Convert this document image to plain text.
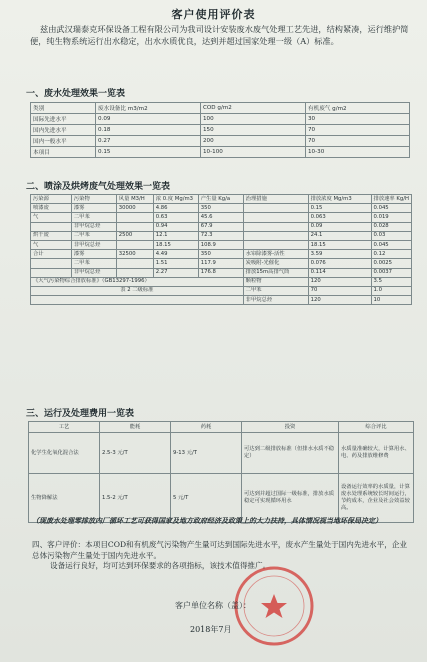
客户使用评价表
兹由武汉瑞泰克环保设备工程有限公司为我司设计安装废水废气处理工艺先进，结构紧凑，运行维护简便，纯生物系统运行出水稳定，出水水质优良，达到并超过国家处理一级（A）标准。
一、废水处理效果一览表
类别	废水设备比 m3/m2	COD g/m2	有机废气 g/m2
国际先进水平	0.09	100	30
国内先进水平	0.18	150	70
国内一般水平	0.27	200	70
本项目	0.15	10-100	10-30
二、喷涂及烘烤废气处理效果一览表
污染源	污染物	风量 M3/H	浓 0.度 Mg/m3	产生量 Kg/a	治理措施	排放浓度 Mg/m3	排放速率 Kg/H
喷漆废	漆雾	30000	4.86	350		0.15	0.045
气	二甲苯		0.63	45.6		0.063	0.019
	非甲烷总烃		0.94	67.9		0.09	0.028
烘干废	二甲苯	2500	12.1	72.3		24.1	0.03
气	非甲烷总烃		18.15	108.9		18.15	0.045
合计	漆雾	32500	4.49	350	水帘除漆雾-活性	3.59	0.12
	二甲苯		1.51	117.9	炭吸附-光催化	0.076	0.0025
	非甲烷总烃		2.27	176.8	排放15m高排气筒	0.114	0.0037
《大气污染物综合排放标准》（GB13297-1996）					颗粒物	120	3.5
表 2 二级标准					二甲苯	70	1.0
					非甲烷总烃	120	10
三、运行及处理费用一览表
工艺	能耗	药耗	投资	综合评比
化学生化氧化混合法	2.5-3 元/T	9-13 元/T	可达到二级排放标准（但排水水质不稳定）	水质量准确较大，计算用水、电、药及排放维修费
生物降解法	1.5-2 元/T	5 元/T	可达到并超过国际一级标准，排放水质稳定可实现循环用水	设备运行效率的水质量，计算废水处理系统较长时间运行，节约成本，企业及社会效益较高。
（现废水处理零排放内厂循环工艺可获得国家及地方政府经济及政策上的大力扶持，具体情况视当地环保局决定）
四、客户评价：本项目COD和有机废气污染物产生量可达到国际先进水平，废水产生量处于国内先进水平，企业总体污染物产生量处于国内先进水平。
设备运行良好，均可达到环保要求的各项指标，该技术值得推广。
客户单位名称（盖）：
2018年7月
